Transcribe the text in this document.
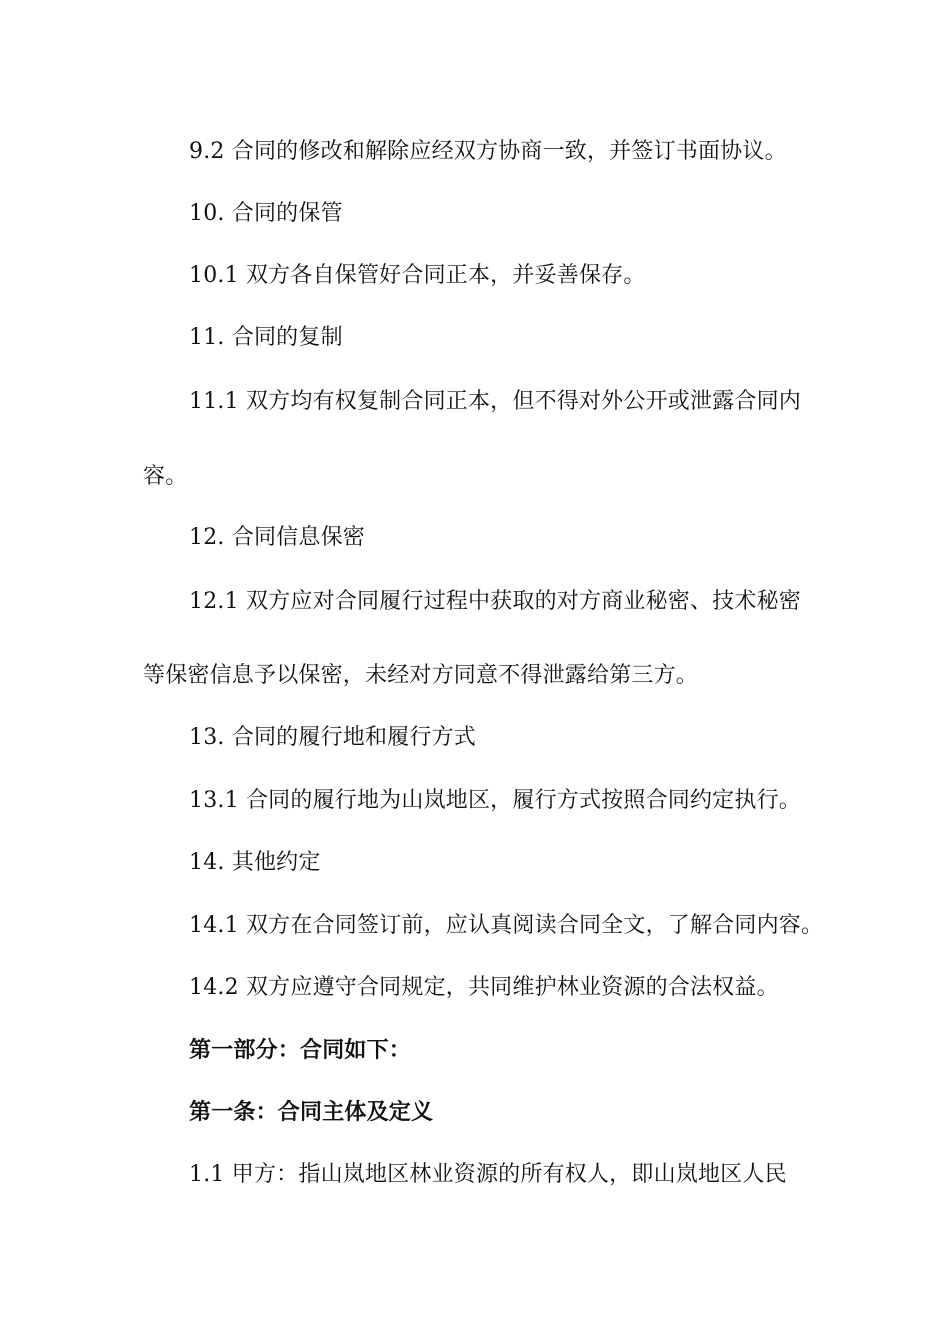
9.2 合同的修改和解除应经双方协商一致，并签订书面协议。
10. 合同的保管
10.1 双方各自保管好合同正本，并妥善保存。
11. 合同的复制
11.1 双方均有权复制合同正本，但不得对外公开或泄露合同内
容。
12. 合同信息保密
12.1 双方应对合同履行过程中获取的对方商业秘密、技术秘密
等保密信息予以保密，未经对方同意不得泄露给第三方。
13. 合同的履行地和履行方式
13.1 合同的履行地为山岚地区，履行方式按照合同约定执行。
14. 其他约定
14.1 双方在合同签订前，应认真阅读合同全文，了解合同内容。
14.2 双方应遵守合同规定，共同维护林业资源的合法权益。
第一部分：合同如下：
第一条：合同主体及定义
1.1 甲方：指山岚地区林业资源的所有权人，即山岚地区人民
